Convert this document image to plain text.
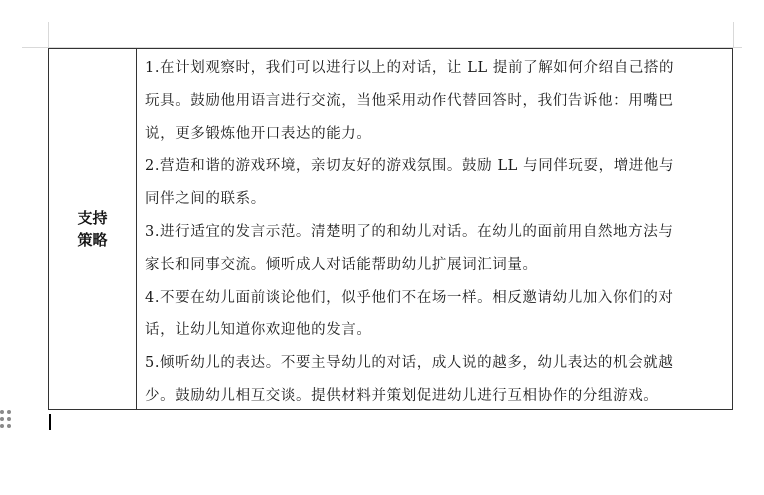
支持
策略
1.在计划观察时，我们可以进行以上的对话，让 LL 提前了解如何介绍自己搭的
玩具。鼓励他用语言进行交流，当他采用动作代替回答时，我们告诉他：用嘴巴
说，更多锻炼他开口表达的能力。
2.营造和谐的游戏环境，亲切友好的游戏氛围。鼓励 LL 与同伴玩耍，增进他与
同伴之间的联系。
3.进行适宜的发言示范。清楚明了的和幼儿对话。在幼儿的面前用自然地方法与
家长和同事交流。倾听成人对话能帮助幼儿扩展词汇词量。
4.不要在幼儿面前谈论他们，似乎他们不在场一样。相反邀请幼儿加入你们的对
话，让幼儿知道你欢迎他的发言。
5.倾听幼儿的表达。不要主导幼儿的对话，成人说的越多，幼儿表达的机会就越
少。鼓励幼儿相互交谈。提供材料并策划促进幼儿进行互相协作的分组游戏。
